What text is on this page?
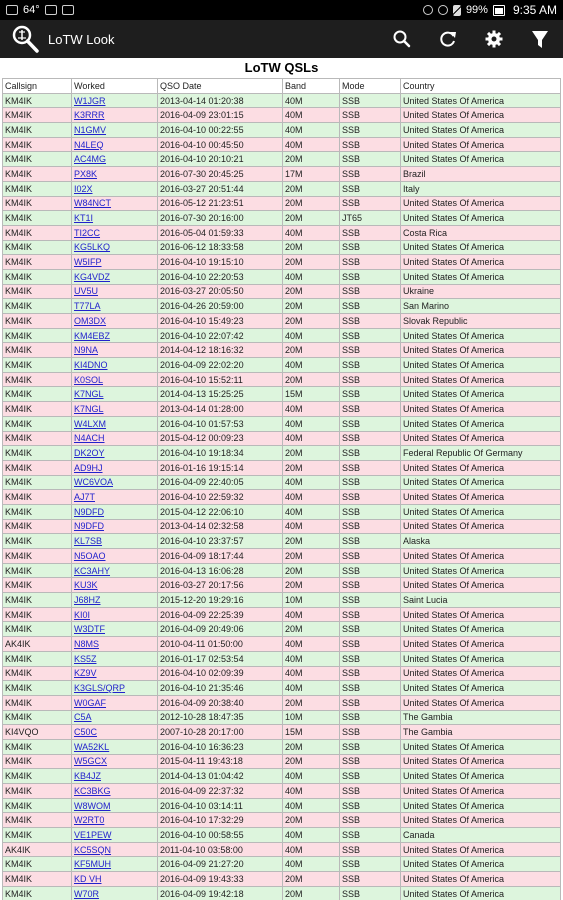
64°	99% 9:35 AM
LoTW Look
LoTW QSLs
Callsign	Worked	QSO Date	Band	Mode	Country
KM4IK	W1JGR	2013-04-14 01:20:38	40M	SSB	United States Of America
KM4IK	K3RRR	2016-04-09 23:01:15	40M	SSB	United States Of America
KM4IK	N1GMV	2016-04-10 00:22:55	40M	SSB	United States Of America
KM4IK	N4LEQ	2016-04-10 00:45:50	40M	SSB	United States Of America
KM4IK	AC4MG	2016-04-10 20:10:21	20M	SSB	United States Of America
KM4IK	PX8K	2016-07-30 20:45:25	17M	SSB	Brazil
KM4IK	I02X	2016-03-27 20:51:44	20M	SSB	Italy
KM4IK	W84NCT	2016-05-12 21:23:51	20M	SSB	United States Of America
KM4IK	KT1I	2016-07-30 20:16:00	20M	JT65	United States Of America
KM4IK	TI2CC	2016-05-04 01:59:33	40M	SSB	Costa Rica
KM4IK	KG5LKQ	2016-06-12 18:33:58	20M	SSB	United States Of America
KM4IK	W5IFP	2016-04-10 19:15:10	20M	SSB	United States Of America
KM4IK	KG4VDZ	2016-04-10 22:20:53	40M	SSB	United States Of America
KM4IK	UV5U	2016-03-27 20:05:50	20M	SSB	Ukraine
KM4IK	T77LA	2016-04-26 20:59:00	20M	SSB	San Marino
KM4IK	OM3DX	2016-04-10 15:49:23	20M	SSB	Slovak Republic
KM4IK	KM4EBZ	2016-04-10 22:07:42	40M	SSB	United States Of America
KM4IK	N9NA	2014-04-12 18:16:32	20M	SSB	United States Of America
KM4IK	KI4DNO	2016-04-09 22:02:20	40M	SSB	United States Of America
KM4IK	K0SOL	2016-04-10 15:52:11	20M	SSB	United States Of America
KM4IK	K7NGL	2014-04-13 15:25:25	15M	SSB	United States Of America
KM4IK	K7NGL	2013-04-14 01:28:00	40M	SSB	United States Of America
KM4IK	W4LXM	2016-04-10 01:57:53	40M	SSB	United States Of America
KM4IK	N4ACH	2015-04-12 00:09:23	40M	SSB	United States Of America
KM4IK	DK2OY	2016-04-10 19:18:34	20M	SSB	Federal Republic Of Germany
KM4IK	AD9HJ	2016-01-16 19:15:14	20M	SSB	United States Of America
KM4IK	WC6VOA	2016-04-09 22:40:05	40M	SSB	United States Of America
KM4IK	AJ7T	2016-04-10 22:59:32	40M	SSB	United States Of America
KM4IK	N9DFD	2015-04-12 22:06:10	40M	SSB	United States Of America
KM4IK	N9DFD	2013-04-14 02:32:58	40M	SSB	United States Of America
KM4IK	KL7SB	2016-04-10 23:37:57	20M	SSB	Alaska
KM4IK	N5OAO	2016-04-09 18:17:44	20M	SSB	United States Of America
KM4IK	KC3AHY	2016-04-13 16:06:28	20M	SSB	United States Of America
KM4IK	KU3K	2016-03-27 20:17:56	20M	SSB	United States Of America
KM4IK	J68HZ	2015-12-20 19:29:16	10M	SSB	Saint Lucia
KM4IK	KI0I	2016-04-09 22:25:39	40M	SSB	United States Of America
KM4IK	W3DTF	2016-04-09 20:49:06	20M	SSB	United States Of America
AK4IK	N8MS	2010-04-11 01:50:00	40M	SSB	United States Of America
KM4IK	KS5Z	2016-01-17 02:53:54	40M	SSB	United States Of America
KM4IK	KZ9V	2016-04-10 02:09:39	40M	SSB	United States Of America
KM4IK	K3GLS/QRP	2016-04-10 21:35:46	40M	SSB	United States Of America
KM4IK	W0GAF	2016-04-09 20:38:40	20M	SSB	United States Of America
KM4IK	C5A	2012-10-28 18:47:35	10M	SSB	The Gambia
KI4VQO	C50C	2007-10-28 20:17:00	15M	SSB	The Gambia
KM4IK	WA52KL	2016-04-10 16:36:23	20M	SSB	United States Of America
KM4IK	W5GCX	2015-04-11 19:43:18	20M	SSB	United States Of America
KM4IK	KB4JZ	2014-04-13 01:04:42	40M	SSB	United States Of America
KM4IK	KC3BKG	2016-04-09 22:37:32	40M	SSB	United States Of America
KM4IK	W8WOM	2016-04-10 03:14:11	40M	SSB	United States Of America
KM4IK	W2RT0	2016-04-10 17:32:29	20M	SSB	United States Of America
KM4IK	VE1PEW	2016-04-10 00:58:55	40M	SSB	Canada
AK4IK	KC5SQN	2011-04-10 03:58:00	40M	SSB	United States Of America
KM4IK	KF5MUH	2016-04-09 21:27:20	40M	SSB	United States Of America
KM4IK	KD VH	2016-04-09 19:43:33	20M	SSB	United States Of America
KM4IK	W70R	2016-04-09 19:42:18	20M	SSB	United States Of America
